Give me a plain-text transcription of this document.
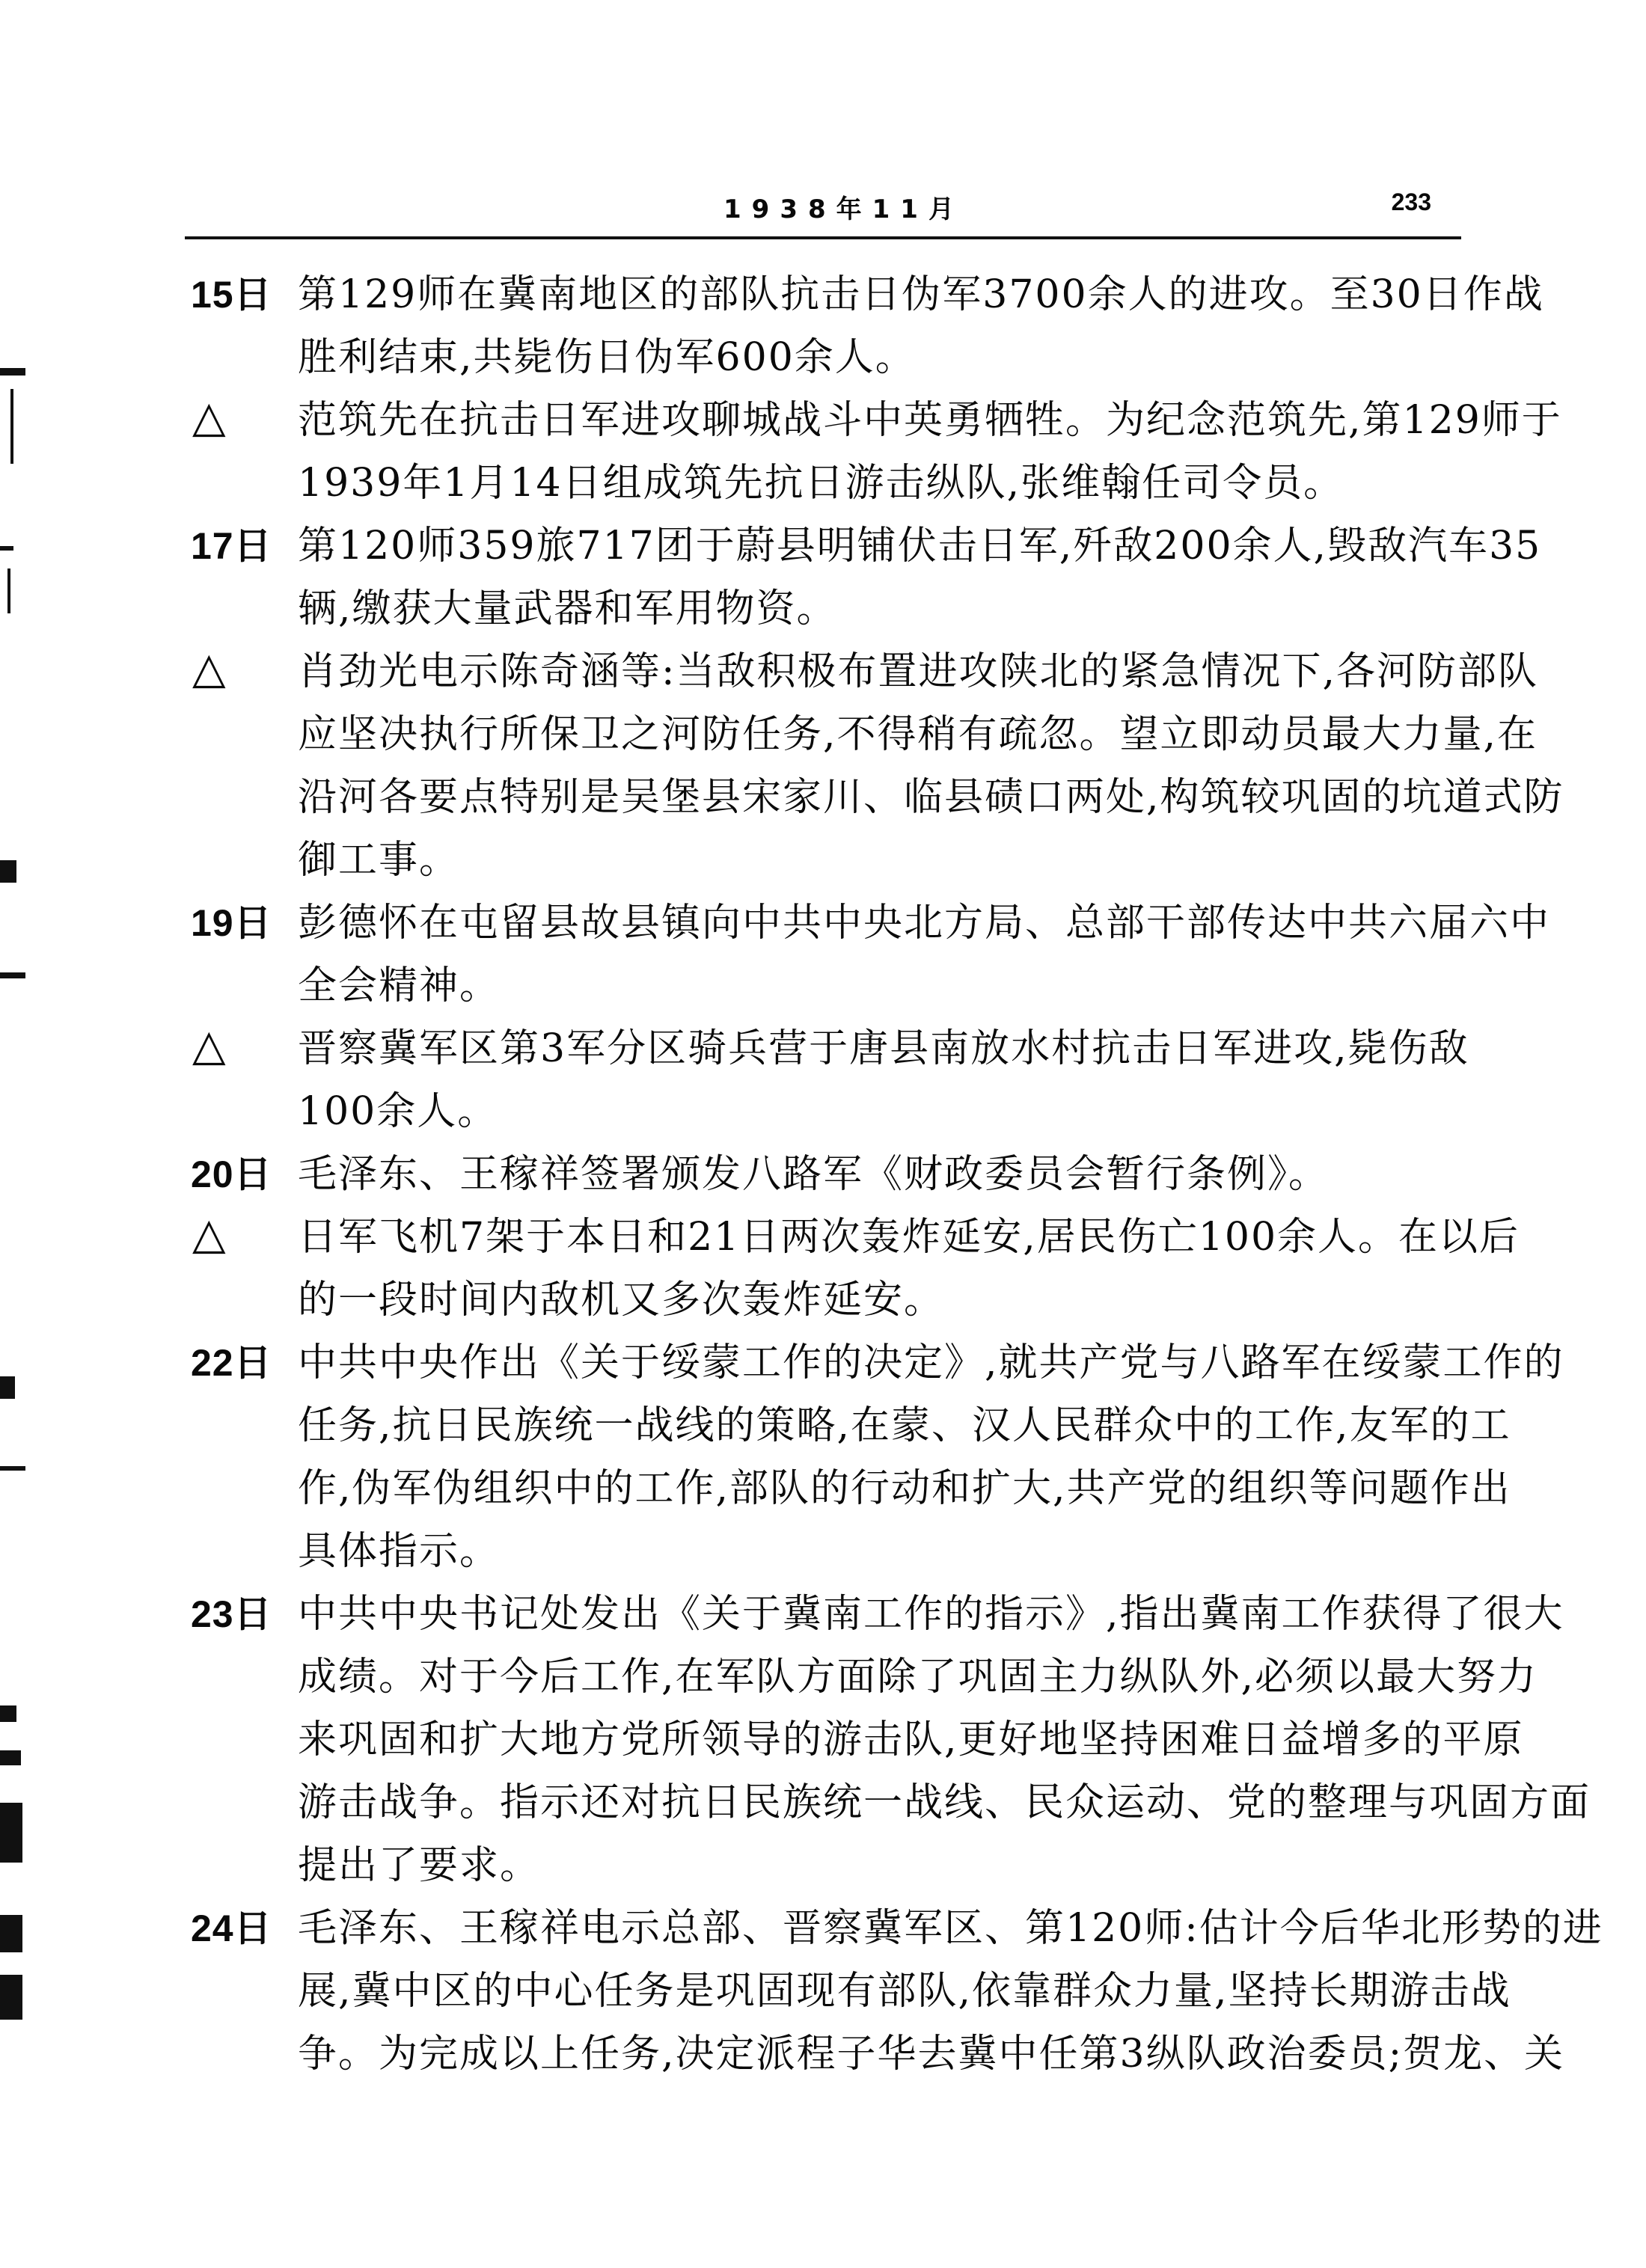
1938年11月	233
15日 第129师在冀南地区的部队抗击日伪军3700余人的进攻。至30日作战
胜利结束,共毙伤日伪军600余人。
△ 范筑先在抗击日军进攻聊城战斗中英勇牺牲。为纪念范筑先,第129师于
1939年1月14日组成筑先抗日游击纵队,张维翰任司令员。
17日 第120师359旅717团于蔚县明铺伏击日军,歼敌200余人,毁敌汽车35
辆,缴获大量武器和军用物资。
△ 肖劲光电示陈奇涵等:当敌积极布置进攻陕北的紧急情况下,各河防部队
应坚决执行所保卫之河防任务,不得稍有疏忽。望立即动员最大力量,在
沿河各要点特别是吴堡县宋家川、临县碛口两处,构筑较巩固的坑道式防
御工事。
19日 彭德怀在屯留县故县镇向中共中央北方局、总部干部传达中共六届六中
全会精神。
△ 晋察冀军区第3军分区骑兵营于唐县南放水村抗击日军进攻,毙伤敌
100余人。
20日 毛泽东、王稼祥签署颁发八路军《财政委员会暂行条例》。
△ 日军飞机7架于本日和21日两次轰炸延安,居民伤亡100余人。在以后
的一段时间内敌机又多次轰炸延安。
22日 中共中央作出《关于绥蒙工作的决定》,就共产党与八路军在绥蒙工作的
任务,抗日民族统一战线的策略,在蒙、汉人民群众中的工作,友军的工
作,伪军伪组织中的工作,部队的行动和扩大,共产党的组织等问题作出
具体指示。
23日 中共中央书记处发出《关于冀南工作的指示》,指出冀南工作获得了很大
成绩。对于今后工作,在军队方面除了巩固主力纵队外,必须以最大努力
来巩固和扩大地方党所领导的游击队,更好地坚持困难日益增多的平原
游击战争。指示还对抗日民族统一战线、民众运动、党的整理与巩固方面
提出了要求。
24日 毛泽东、王稼祥电示总部、晋察冀军区、第120师:估计今后华北形势的进
展,冀中区的中心任务是巩固现有部队,依靠群众力量,坚持长期游击战
争。为完成以上任务,决定派程子华去冀中任第3纵队政治委员;贺龙、关
